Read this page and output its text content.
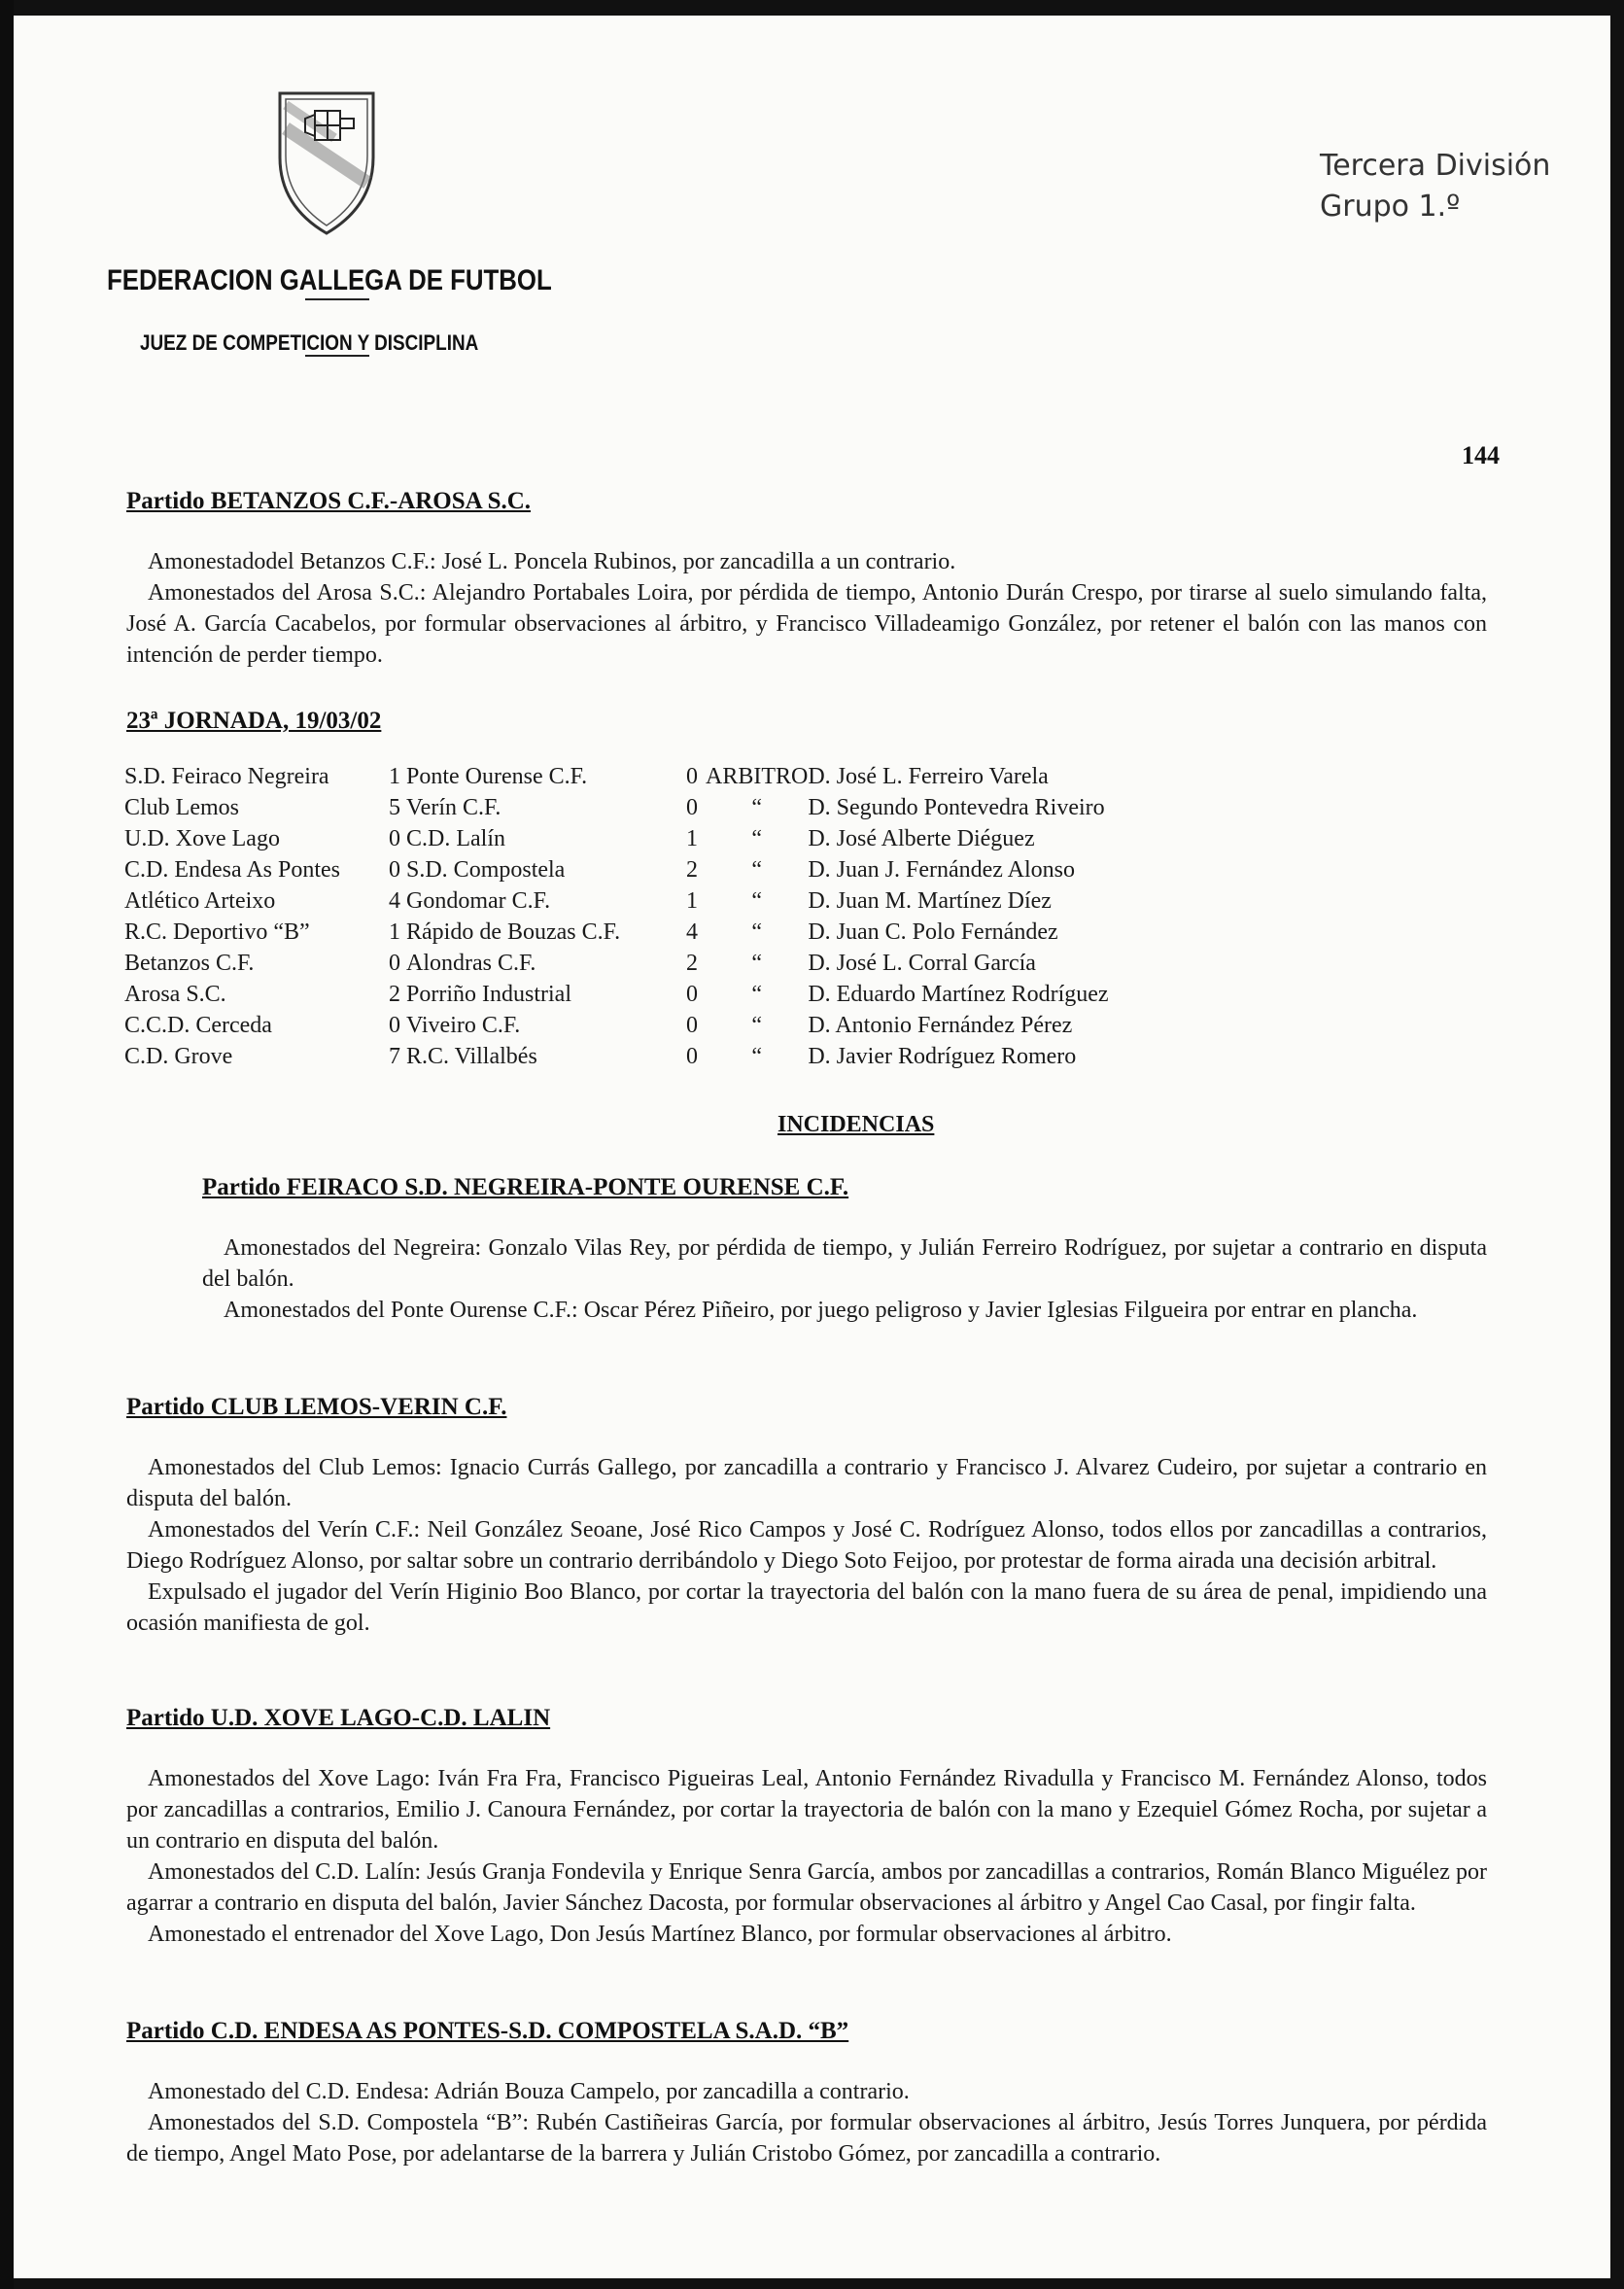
FEDERACION GALLEGA DE FUTBOL
JUEZ DE COMPETICION Y DISCIPLINA
Tercera División
Grupo 1.º
144
Partido BETANZOS C.F.-AROSA S.C.

Amonestadodel Betanzos C.F.: José L. Poncela Rubinos, por zancadilla a un contrario.

Amonestados del Arosa S.C.: Alejandro Portabales Loira, por pérdida de tiempo, Antonio Durán Crespo, por tirarse al suelo simulando falta, José A. García Cacabelos, por formular observaciones al árbitro, y Francisco Villadeamigo González, por retener el balón con las manos con intención de perder tiempo.

23ª JORNADA, 19/03/02
S.D. Feiraco Negreira	1	Ponte Ourense C.F.	0	ARBITRO	D. José L. Ferreiro Varela
Club Lemos	5	Verín C.F.	0	“	D. Segundo Pontevedra Riveiro
U.D. Xove Lago	0	C.D. Lalín	1	“	D. José Alberte Diéguez
C.D. Endesa As Pontes	0	S.D. Compostela	2	“	D. Juan J. Fernández Alonso
Atlético Arteixo	4	Gondomar C.F.	1	“	D. Juan M. Martínez Díez
R.C. Deportivo “B”	1	Rápido de Bouzas C.F.	4	“	D. Juan C. Polo Fernández
Betanzos C.F.	0	Alondras C.F.	2	“	D. José L. Corral García
Arosa S.C.	2	Porriño Industrial	0	“	D. Eduardo Martínez Rodríguez
C.C.D. Cerceda	0	Viveiro C.F.	0	“	D. Antonio Fernández Pérez
C.D. Grove	7	R.C. Villalbés	0	“	D. Javier Rodríguez Romero
INCIDENCIAS
Partido FEIRACO S.D. NEGREIRA-PONTE OURENSE C.F.

Amonestados del Negreira: Gonzalo Vilas Rey, por pérdida de tiempo, y Julián Ferreiro Rodríguez, por sujetar a contrario en disputa del balón.

Amonestados del Ponte Ourense C.F.: Oscar Pérez Piñeiro, por juego peligroso y Javier Iglesias Filgueira por entrar en plancha.

Partido CLUB LEMOS-VERIN C.F.

Amonestados del Club Lemos: Ignacio Currás Gallego, por zancadilla a contrario y Francisco J. Alvarez Cudeiro, por sujetar a contrario en disputa del balón.

Amonestados del Verín C.F.: Neil González Seoane, José Rico Campos y José C. Rodríguez Alonso, todos ellos por zancadillas a contrarios, Diego Rodríguez Alonso, por saltar sobre un contrario derribándolo y Diego Soto Feijoo, por protestar de forma airada una decisión arbitral.

Expulsado el jugador del Verín Higinio Boo Blanco, por cortar la trayectoria del balón con la mano fuera de su área de penal, impidiendo una ocasión manifiesta de gol.

Partido U.D. XOVE LAGO-C.D. LALIN

Amonestados del Xove Lago: Iván Fra Fra, Francisco Pigueiras Leal, Antonio Fernández Rivadulla y Francisco M. Fernández Alonso, todos por zancadillas a contrarios, Emilio J. Canoura Fernández, por cortar la trayectoria de balón con la mano y Ezequiel Gómez Rocha, por sujetar a un contrario en disputa del balón.

Amonestados del C.D. Lalín: Jesús Granja Fondevila y Enrique Senra García, ambos por zancadillas a contrarios, Román Blanco Miguélez por agarrar a contrario en disputa del balón, Javier Sánchez Dacosta, por formular observaciones al árbitro y Angel Cao Casal, por fingir falta.

Amonestado el entrenador del Xove Lago, Don Jesús Martínez Blanco, por formular observaciones al árbitro.

Partido C.D. ENDESA AS PONTES-S.D. COMPOSTELA S.A.D. “B”

Amonestado del C.D. Endesa: Adrián Bouza Campelo, por zancadilla a contrario.

Amonestados del S.D. Compostela “B”: Rubén Castiñeiras García, por formular observaciones al árbitro, Jesús Torres Junquera, por pérdida de tiempo, Angel Mato Pose, por adelantarse de la barrera y Julián Cristobo Gómez, por zancadilla a contrario.
